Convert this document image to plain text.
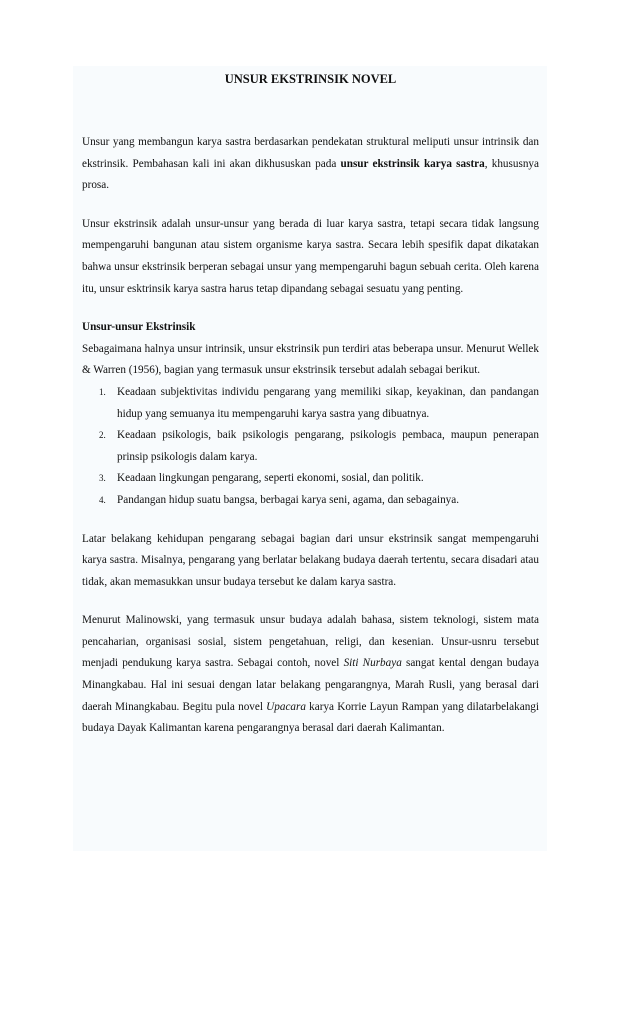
UNSUR EKSTRINSIK NOVEL

Unsur yang membangun karya sastra berdasarkan pendekatan struktural meliputi unsur intrinsik dan ekstrinsik. Pembahasan kali ini akan dikhususkan pada unsur ekstrinsik karya sastra, khususnya prosa.

Unsur ekstrinsik adalah unsur-unsur yang berada di luar karya sastra, tetapi secara tidak langsung mempengaruhi bangunan atau sistem organisme karya sastra. Secara lebih spesifik dapat dikatakan bahwa unsur ekstrinsik berperan sebagai unsur yang mempengaruhi bagun sebuah cerita. Oleh karena itu, unsur esktrinsik karya sastra harus tetap dipandang sebagai sesuatu yang penting.

Unsur-unsur Ekstrinsik

Sebagaimana halnya unsur intrinsik, unsur ekstrinsik pun terdiri atas beberapa unsur. Menurut Wellek & Warren (1956), bagian yang termasuk unsur ekstrinsik tersebut adalah sebagai berikut.

1. Keadaan subjektivitas individu pengarang yang memiliki sikap, keyakinan, dan pandangan hidup yang semuanya itu mempengaruhi karya sastra yang dibuatnya.
2. Keadaan psikologis, baik psikologis pengarang, psikologis pembaca, maupun penerapan prinsip psikologis dalam karya.
3. Keadaan lingkungan pengarang, seperti ekonomi, sosial, dan politik.
4. Pandangan hidup suatu bangsa, berbagai karya seni, agama, dan sebagainya.

Latar belakang kehidupan pengarang sebagai bagian dari unsur ekstrinsik sangat mempengaruhi karya sastra. Misalnya, pengarang yang berlatar belakang budaya daerah tertentu, secara disadari atau tidak, akan memasukkan unsur budaya tersebut ke dalam karya sastra.

Menurut Malinowski, yang termasuk unsur budaya adalah bahasa, sistem teknologi, sistem mata pencaharian, organisasi sosial, sistem pengetahuan, religi, dan kesenian. Unsur-usnru tersebut menjadi pendukung karya sastra. Sebagai contoh, novel Siti Nurbaya sangat kental dengan budaya Minangkabau. Hal ini sesuai dengan latar belakang pengarangnya, Marah Rusli, yang berasal dari daerah Minangkabau. Begitu pula novel Upacara karya Korrie Layun Rampan yang dilatarbelakangi budaya Dayak Kalimantan karena pengarangnya berasal dari daerah Kalimantan.
